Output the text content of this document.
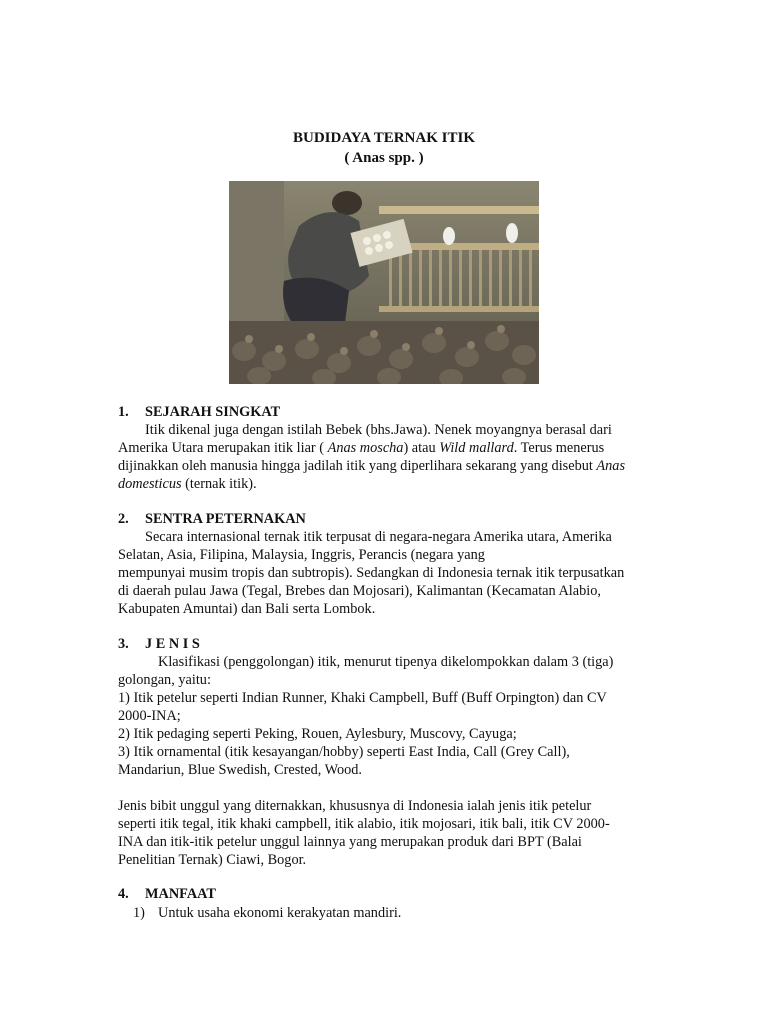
BUDIDAYA TERNAK ITIK
( Anas spp. )
1. SEJARAH SINGKAT
Itik dikenal juga dengan istilah Bebek (bhs.Jawa). Nenek moyangnya berasal dari
Amerika Utara merupakan itik liar ( Anas moscha) atau Wild mallard. Terus menerus
dijinakkan oleh manusia hingga jadilah itik yang diperlihara sekarang yang disebut Anas
domesticus (ternak itik).
2. SENTRA PETERNAKAN
Secara internasional ternak itik terpusat di negara-negara Amerika utara, Amerika
Selatan, Asia, Filipina, Malaysia, Inggris, Perancis (negara yang
mempunyai musim tropis dan subtropis). Sedangkan di Indonesia ternak itik terpusatkan
di daerah pulau Jawa (Tegal, Brebes dan Mojosari), Kalimantan (Kecamatan Alabio,
Kabupaten Amuntai) dan Bali serta Lombok.
3. J E N I S
Klasifikasi (penggolongan) itik, menurut tipenya dikelompokkan dalam 3 (tiga)
golongan, yaitu:
1) Itik petelur seperti Indian Runner, Khaki Campbell, Buff (Buff Orpington) dan CV
2000-INA;
2) Itik pedaging seperti Peking, Rouen, Aylesbury, Muscovy, Cayuga;
3) Itik ornamental (itik kesayangan/hobby) seperti East India, Call (Grey Call),
Mandariun, Blue Swedish, Crested, Wood.
Jenis bibit unggul yang diternakkan, khususnya di Indonesia ialah jenis itik petelur
seperti itik tegal, itik khaki campbell, itik alabio, itik mojosari, itik bali, itik CV 2000-
INA dan itik-itik petelur unggul lainnya yang merupakan produk dari BPT (Balai
Penelitian Ternak) Ciawi, Bogor.
4. MANFAAT
1) Untuk usaha ekonomi kerakyatan mandiri.
